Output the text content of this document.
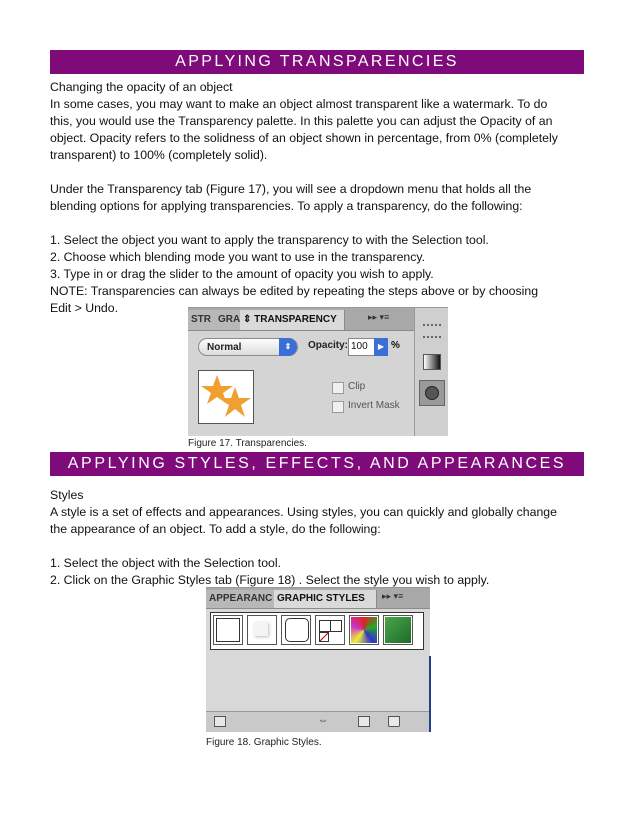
APPLYING TRANSPARENCIES
Changing the opacity of an object
In some cases, you may want to make an object almost transparent like a watermark. To do
this, you would use the Transparency palette. In this palette you can adjust the Opacity of an
object. Opacity refers to the solidness of an object shown in percentage, from 0% (completely
transparent) to 100% (completely solid).
Under the Transparency tab (Figure 17), you will see a dropdown menu that holds all the
blending options for applying transparencies. To apply a transparency, do the following:
1. Select the object you want to apply the transparency to with the Selection tool.
2. Choose which blending mode you want to use in the transparency.
3. Type in or drag the slider to the amount of opacity you wish to apply.
NOTE: Transparencies can always be edited by repeating the steps above or by choosing
Edit > Undo.
STR GRA ⇕ TRANSPARENCY	▸▸ ▾≡
Normal	⇕	Opacity: 100	▶ %
Clip
Invert Mask
Figure 17. Transparencies.
APPLYING STYLES, EFFECTS, AND APPEARANCES
Styles
A style is a set of effects and appearances. Using styles, you can quickly and globally change
the appearance of an object. To add a style, do the following:
1. Select the object with the Selection tool.
2. Click on the Graphic Styles tab (Figure 18) . Select the style you wish to apply.
APPEARANC GRAPHIC STYLES	▸▸ ▾≡
⇔
Figure 18. Graphic Styles.
